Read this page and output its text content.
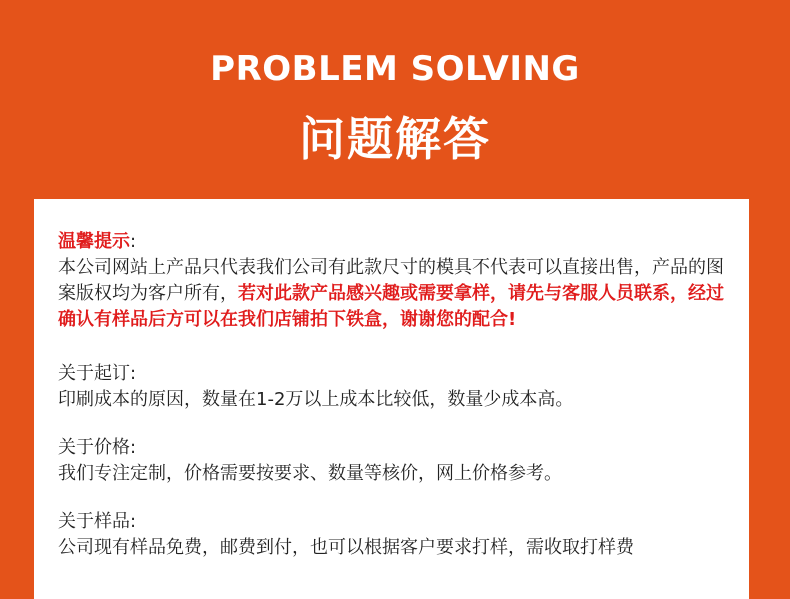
PROBLEM SOLVING
问题解答

温馨提示:
本公司网站上产品只代表我们公司有此款尺寸的模具不代表可以直接出售，产品的图案版权均为客户所有，若对此款产品感兴趣或需要拿样，请先与客服人员联系，经过确认有样品后方可以在我们店铺拍下铁盒，谢谢您的配合!

关于起订:
印刷成本的原因，数量在1-2万以上成本比较低，数量少成本高。

关于价格:
我们专注定制，价格需要按要求、数量等核价，网上价格参考。

关于样品:
公司现有样品免费，邮费到付，也可以根据客户要求打样，需收取打样费
